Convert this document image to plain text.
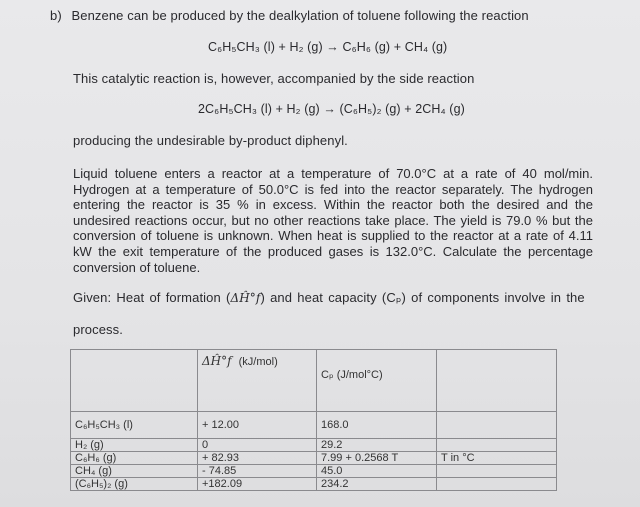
b) Benzene can be produced by the dealkylation of toluene following the reaction
C₆H₅CH₃ (l) + H₂ (g) → C₆H₆ (g) + CH₄ (g)
This catalytic reaction is, however, accompanied by the side reaction
2C₆H₅CH₃ (l) + H₂ (g) → (C₆H₅)₂ (g) + 2CH₄ (g)
producing the undesirable by-product diphenyl.
Liquid toluene enters a reactor at a temperature of 70.0°C at a rate of 40 mol/min. Hydrogen at a temperature of 50.0°C is fed into the reactor separately. The hydrogen entering the reactor is 35 % in excess. Within the reactor both the desired and the undesired reactions occur, but no other reactions take place. The yield is 79.0 % but the conversion of toluene is unknown. When heat is supplied to the reactor at a rate of 4.11 kW the exit temperature of the produced gases is 132.0°C. Calculate the percentage conversion of toluene.
Given: Heat of formation (ΔĤ°f) and heat capacity (Cₚ) of components involve in the
process.
	ΔĤ°f (kJ/mol)	Cₚ (J/mol°C)	
C₆H₅CH₃ (l)	+ 12.00	168.0	
H₂ (g)	0	29.2	
C₆H₆ (g)	+ 82.93	7.99 + 0.2568 T	T in °C
CH₄ (g)	- 74.85	45.0	
(C₆H₅)₂ (g)	+182.09	234.2	
